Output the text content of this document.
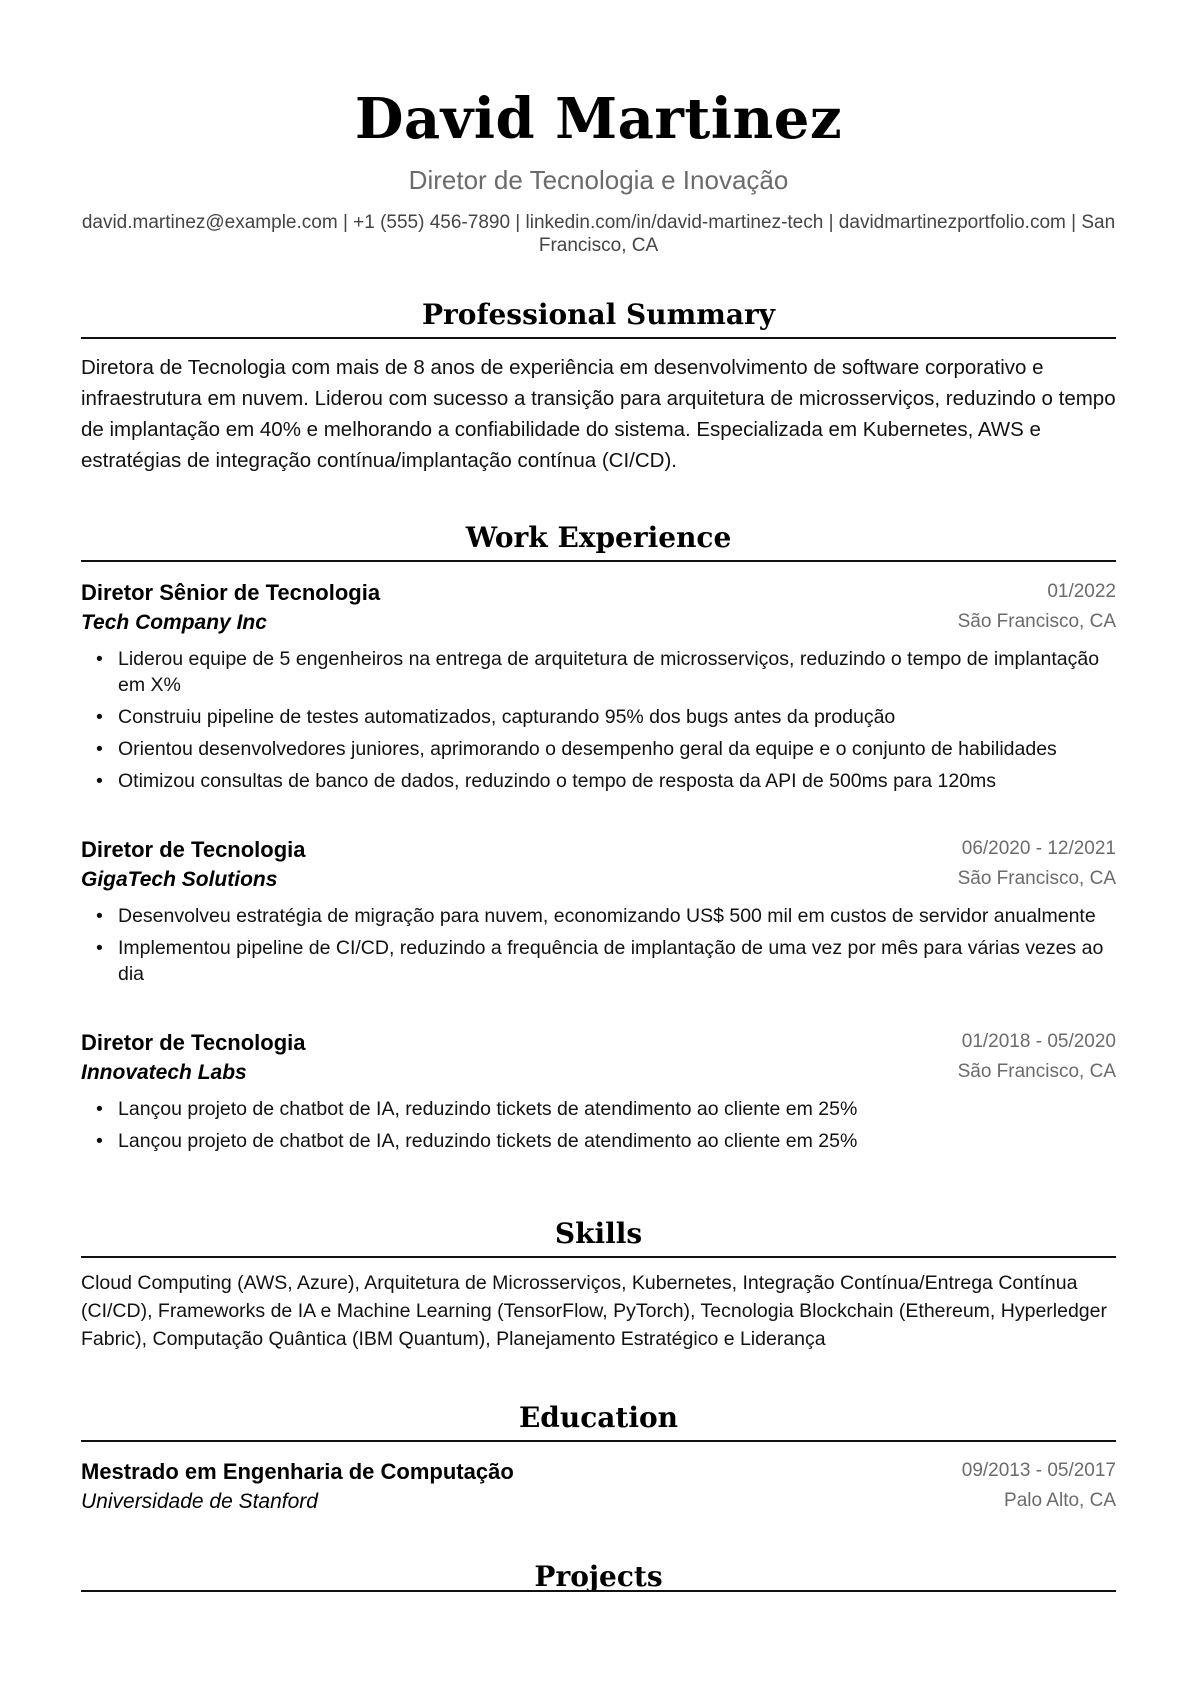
David Martinez
Diretor de Tecnologia e Inovação
david.martinez@example.com | +1 (555) 456-7890 | linkedin.com/in/david-martinez-tech | davidmartinezportfolio.com | San Francisco, CA
Professional Summary
Diretora de Tecnologia com mais de 8 anos de experiência em desenvolvimento de software corporativo e infraestrutura em nuvem. Liderou com sucesso a transição para arquitetura de microsserviços, reduzindo o tempo de implantação em 40% e melhorando a confiabilidade do sistema. Especializada em Kubernetes, AWS e estratégias de integração contínua/implantação contínua (CI/CD).
Work Experience
Diretor Sênior de Tecnologia	01/2022
Tech Company Inc	São Francisco, CA
• Liderou equipe de 5 engenheiros na entrega de arquitetura de microsserviços, reduzindo o tempo de implantação em X%
• Construiu pipeline de testes automatizados, capturando 95% dos bugs antes da produção
• Orientou desenvolvedores juniores, aprimorando o desempenho geral da equipe e o conjunto de habilidades
• Otimizou consultas de banco de dados, reduzindo o tempo de resposta da API de 500ms para 120ms
Diretor de Tecnologia	06/2020 - 12/2021
GigaTech Solutions	São Francisco, CA
• Desenvolveu estratégia de migração para nuvem, economizando US$ 500 mil em custos de servidor anualmente
• Implementou pipeline de CI/CD, reduzindo a frequência de implantação de uma vez por mês para várias vezes ao dia
Diretor de Tecnologia	01/2018 - 05/2020
Innovatech Labs	São Francisco, CA
• Lançou projeto de chatbot de IA, reduzindo tickets de atendimento ao cliente em 25%
• Lançou projeto de chatbot de IA, reduzindo tickets de atendimento ao cliente em 25%
Skills
Cloud Computing (AWS, Azure), Arquitetura de Microsserviços, Kubernetes, Integração Contínua/Entrega Contínua (CI/CD), Frameworks de IA e Machine Learning (TensorFlow, PyTorch), Tecnologia Blockchain (Ethereum, Hyperledger Fabric), Computação Quântica (IBM Quantum), Planejamento Estratégico e Liderança
Education
Mestrado em Engenharia de Computação	09/2013 - 05/2017
Universidade de Stanford	Palo Alto, CA
Projects
